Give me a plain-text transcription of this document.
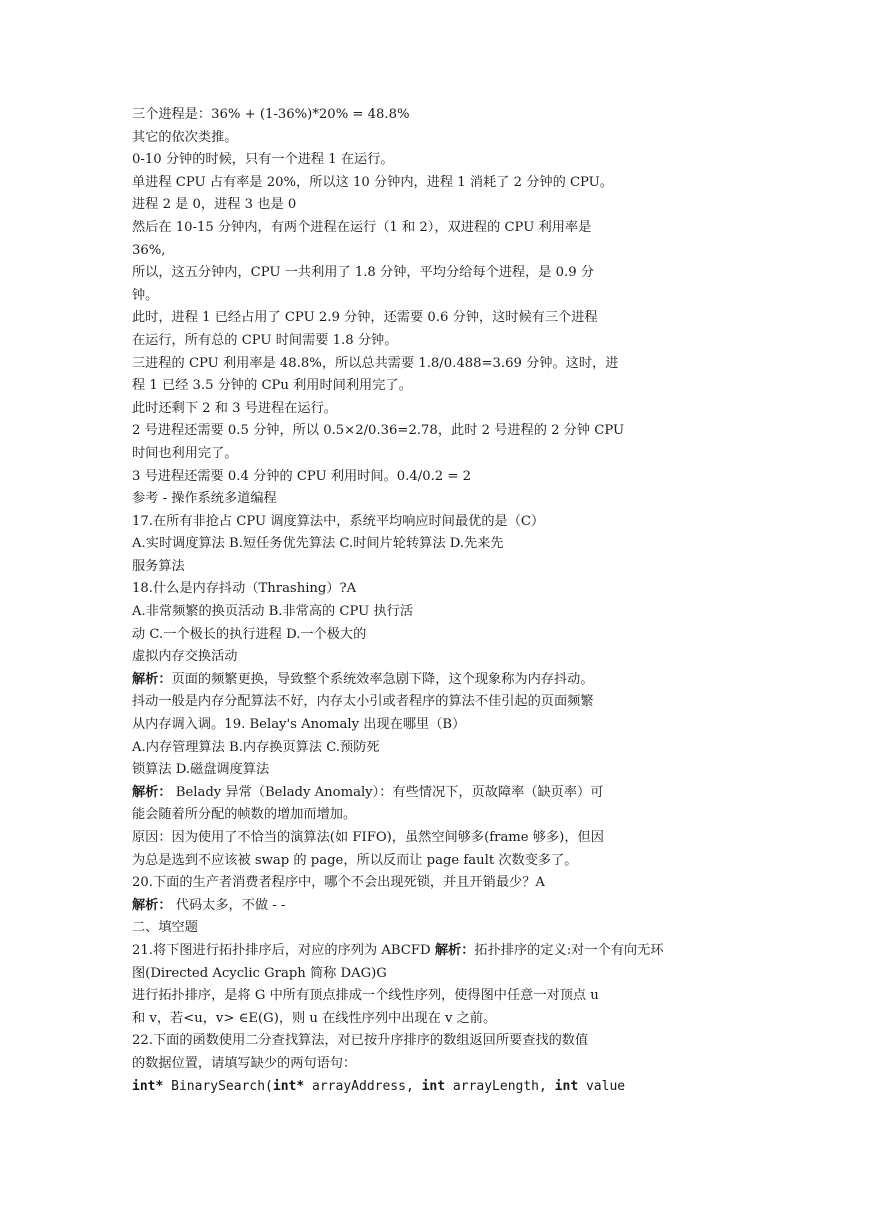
三个进程是：36% + (1-36%)*20% = 48.8%
其它的依次类推。
0-10 分钟的时候，只有一个进程 1 在运行。
单进程 CPU 占有率是 20%，所以这 10 分钟内，进程 1 消耗了 2 分钟的 CPU。
进程 2 是 0，进程 3 也是 0
然后在 10-15 分钟内，有两个进程在运行（1 和 2），双进程的 CPU 利用率是
36%,
所以，这五分钟内，CPU 一共利用了 1.8 分钟，平均分给每个进程，是 0.9 分
钟。
此时，进程 1 已经占用了 CPU 2.9 分钟，还需要 0.6 分钟，这时候有三个进程
在运行，所有总的 CPU 时间需要 1.8 分钟。
三进程的 CPU 利用率是 48.8%，所以总共需要 1.8/0.488=3.69 分钟。这时，进
程 1 已经 3.5 分钟的 CPu 利用时间利用完了。
此时还剩下 2 和 3 号进程在运行。
2 号进程还需要 0.5 分钟，所以 0.5×2/0.36=2.78，此时 2 号进程的 2 分钟 CPU
时间也利用完了。
3 号进程还需要 0.4 分钟的 CPU 利用时间。0.4/0.2 = 2
参考 - 操作系统多道编程
17.在所有非抢占 CPU 调度算法中，系统平均响应时间最优的是（C）
A.实时调度算法 B.短任务优先算法 C.时间片轮转算法 D.先来先
服务算法
18.什么是内存抖动（Thrashing）?A
A.非常频繁的换页活动 B.非常高的 CPU 执行活
动 C.一个极长的执行进程 D.一个极大的
虚拟内存交换活动
解析：页面的频繁更换，导致整个系统效率急剧下降，这个现象称为内存抖动。
抖动一般是内存分配算法不好，内存太小引或者程序的算法不佳引起的页面频繁
从内存调入调。19. Belay's Anomaly 出现在哪里（B）
A.内存管理算法 B.内存换页算法 C.预防死
锁算法 D.磁盘调度算法
解析： Belady 异常（Belady Anomaly）：有些情况下，页故障率（缺页率）可
能会随着所分配的帧数的增加而增加。
原因：因为使用了不恰当的演算法(如 FIFO)，虽然空间够多(frame 够多)，但因
为总是选到不应该被 swap 的 page，所以反而让 page fault 次数变多了。
20.下面的生产者消费者程序中，哪个不会出现死锁，并且开销最少？A
解析： 代码太多，不做 - -
二、填空题
21.将下图进行拓扑排序后，对应的序列为 ABCFD 解析：拓扑排序的定义:对一个有向无环
图(Directed Acyclic Graph 简称 DAG)G
进行拓扑排序，是将 G 中所有顶点排成一个线性序列，使得图中任意一对顶点 u
和 v，若<u，v> ∈E(G)，则 u 在线性序列中出现在 v 之前。
22.下面的函数使用二分查找算法，对已按升序排序的数组返回所要查找的数值
的数据位置，请填写缺少的两句语句：
int* BinarySearch(int* arrayAddress, int arrayLength, int value
